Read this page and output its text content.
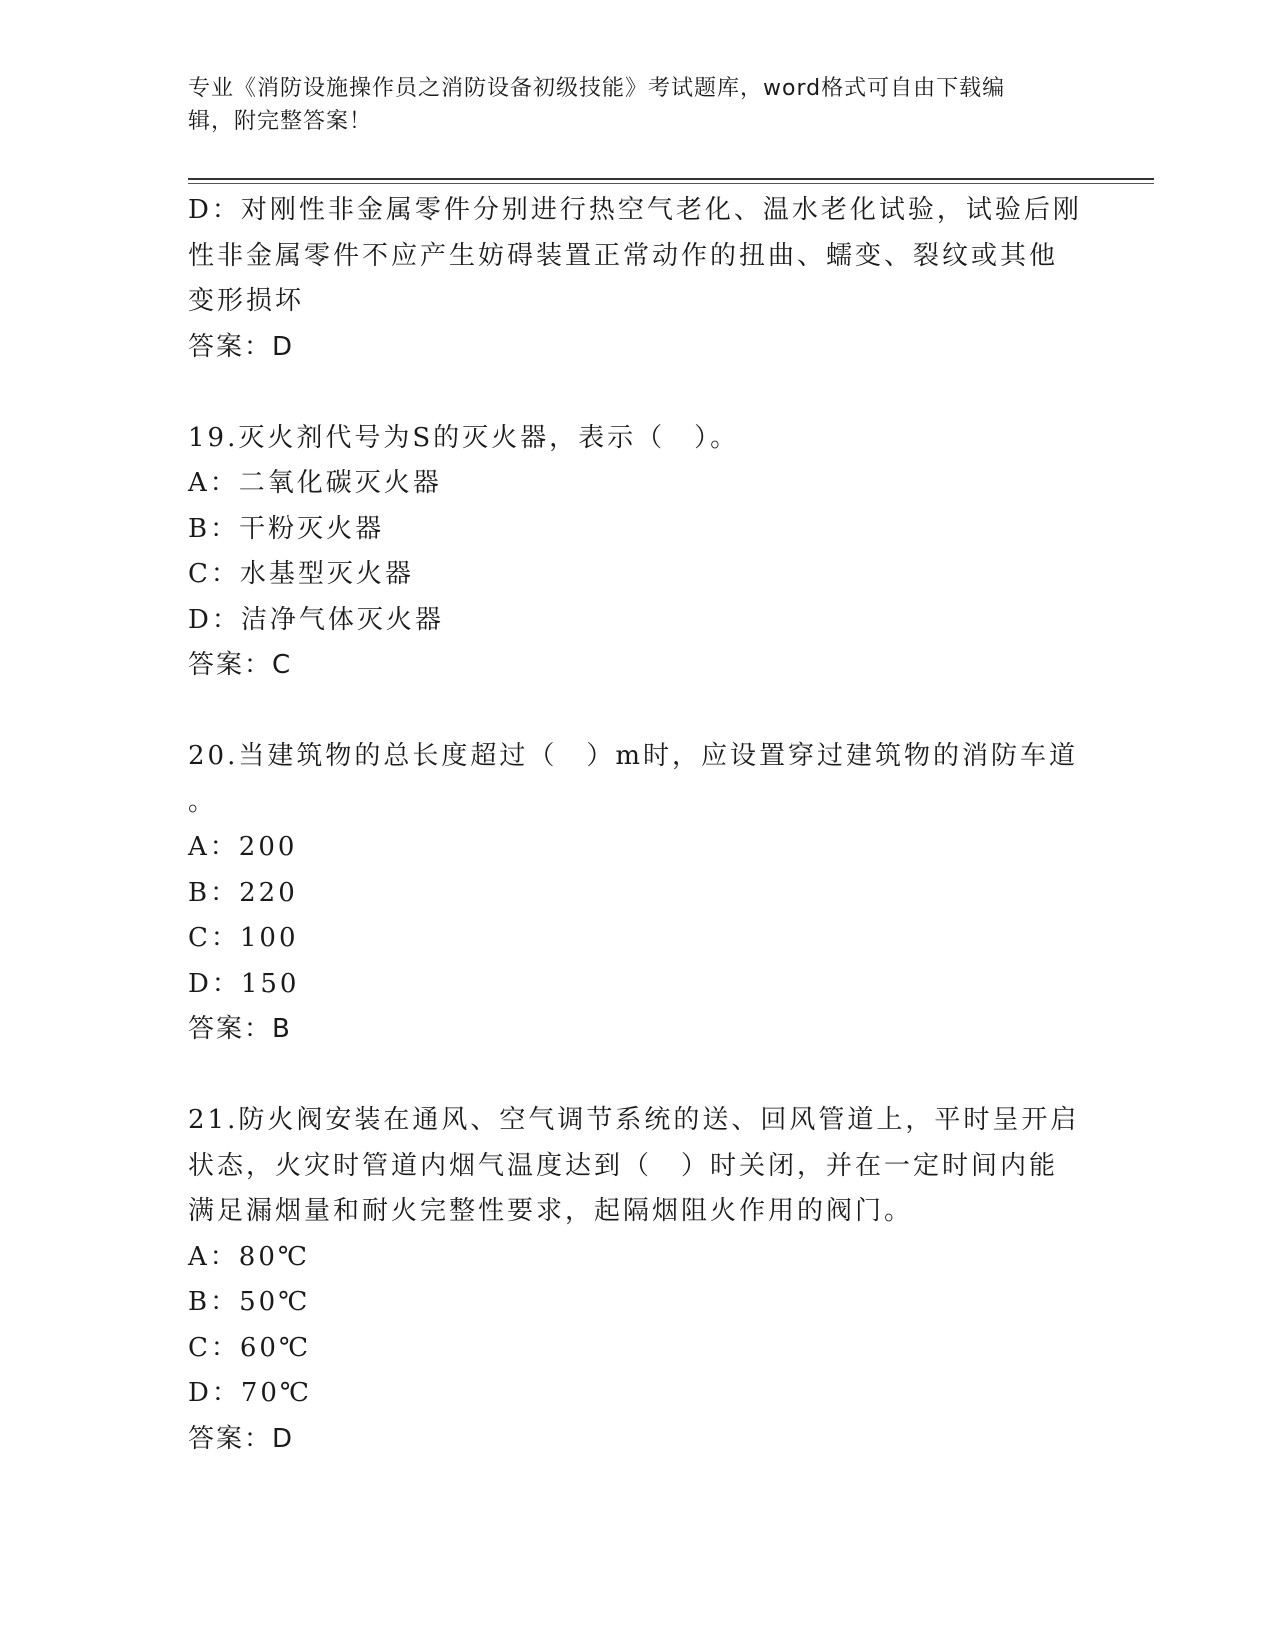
专业《消防设施操作员之消防设备初级技能》考试题库，word格式可自由下载编
辑，附完整答案！
D：对刚性非金属零件分别进行热空气老化、温水老化试验，试验后刚
性非金属零件不应产生妨碍装置正常动作的扭曲、蠕变、裂纹或其他
变形损坏
答案：D
19.灭火剂代号为S的灭火器，表示（　）。
A：二氧化碳灭火器
B：干粉灭火器
C：水基型灭火器
D：洁净气体灭火器
答案：C
20.当建筑物的总长度超过（　）m时，应设置穿过建筑物的消防车道
。
A：200
B：220
C：100
D：150
答案：B
21.防火阀安装在通风、空气调节系统的送、回风管道上，平时呈开启
状态，火灾时管道内烟气温度达到（　）时关闭，并在一定时间内能
满足漏烟量和耐火完整性要求，起隔烟阻火作用的阀门。
A：80℃
B：50℃
C：60℃
D：70℃
答案：D
